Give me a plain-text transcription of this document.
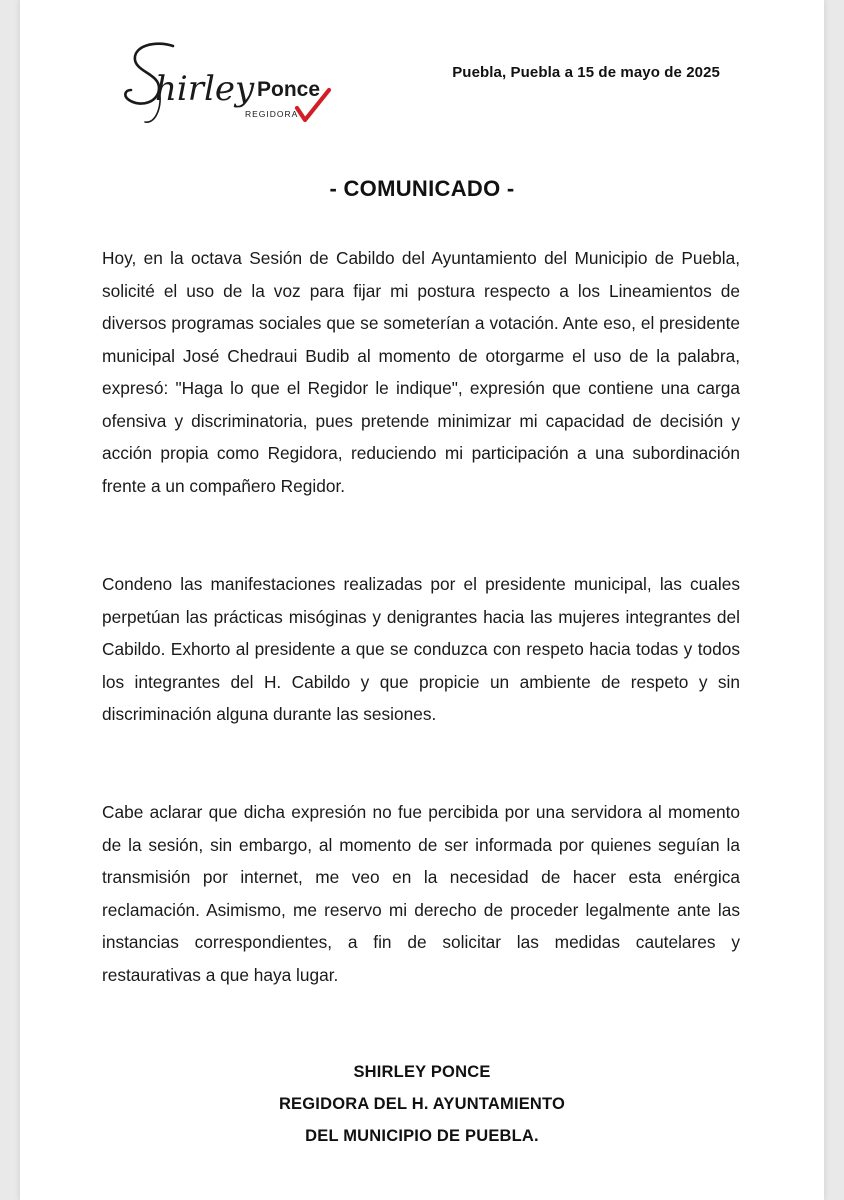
hirley Ponce
REGIDORA
Puebla, Puebla a 15 de mayo de 2025
- COMUNICADO -

Hoy, en la octava Sesión de Cabildo del Ayuntamiento del Municipio de Puebla, solicité el uso de la voz para fijar mi postura respecto a los Lineamientos de diversos programas sociales que se someterían a votación. Ante eso, el presidente municipal José Chedraui Budib al momento de otorgarme el uso de la palabra, expresó: "Haga lo que el Regidor le indique", expresión que contiene una carga ofensiva y discriminatoria, pues pretende minimizar mi capacidad de decisión y acción propia como Regidora, reduciendo mi participación a una subordinación frente a un compañero Regidor.

Condeno las manifestaciones realizadas por el presidente municipal, las cuales perpetúan las prácticas misóginas y denigrantes hacia las mujeres integrantes del Cabildo. Exhorto al presidente a que se conduzca con respeto hacia todas y todos los integrantes del H. Cabildo y que propicie un ambiente de respeto y sin discriminación alguna durante las sesiones.

Cabe aclarar que dicha expresión no fue percibida por una servidora al momento de la sesión, sin embargo, al momento de ser informada por quienes seguían la transmisión por internet, me veo en la necesidad de hacer esta enérgica reclamación. Asimismo, me reservo mi derecho de proceder legalmente ante las instancias correspondientes, a fin de solicitar las medidas cautelares y restaurativas a que haya lugar.

SHIRLEY PONCE
REGIDORA DEL H. AYUNTAMIENTO
DEL MUNICIPIO DE PUEBLA.
